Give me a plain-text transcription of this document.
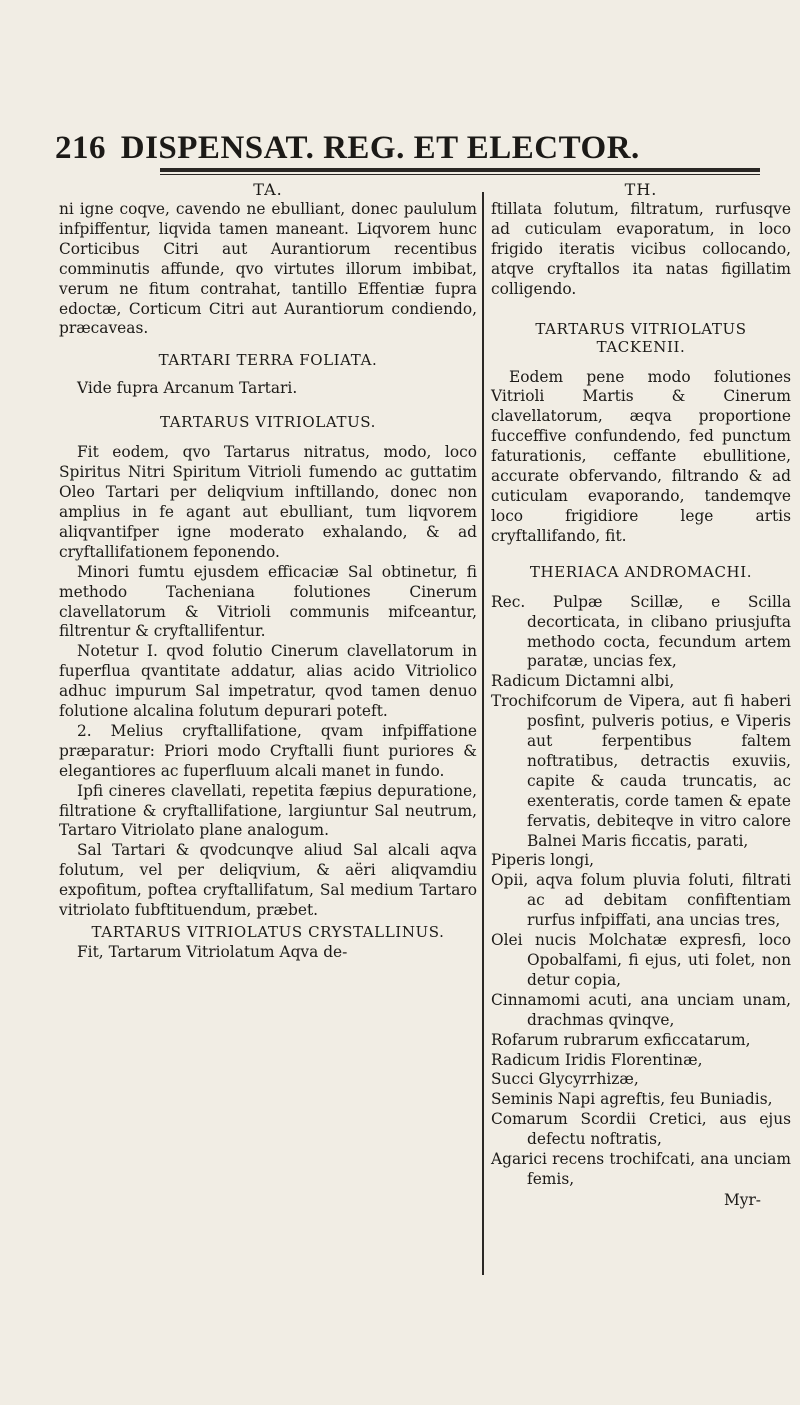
216 DISPENSAT. REG. ET ELECTOR.
TA.

ni igne coqve, cavendo ne ebulliant, donec paululum infpiffentur, liqvida tamen maneant. Liqvorem hunc Corticibus Citri aut Aurantiorum recentibus comminutis affunde, qvo virtutes illorum imbibat, verum ne fitum contrahat, tantillo Effentiæ fupra edoctæ, Corticum Citri aut Aurantiorum condiendo, præcaveas.

TARTARI TERRA FOLIATA.

Vide fupra Arcanum Tartari.

TARTARUS VITRIOLATUS.

Fit eodem, qvo Tartarus nitratus, modo, loco Spiritus Nitri Spiritum Vitrioli fumendo ac guttatim Oleo Tartari per deliqvium inftillando, donec non amplius in fe agant aut ebulliant, tum liqvorem aliqvantifper igne moderato exhalando, & ad cryftallifationem feponendo.

Minori fumtu ejusdem efficaciæ Sal obtinetur, fi methodo Tacheniana folutiones Cinerum clavellatorum & Vitrioli communis mifceantur, filtrentur & cryftallifentur.

Notetur I. qvod folutio Cinerum clavellatorum in fuperflua qvantitate addatur, alias acido Vitriolico adhuc impurum Sal impetratur, qvod tamen denuo folutione alcalina folutum depurari poteft.

2. Melius cryftallifatione, qvam infpiffatione præparatur: Priori modo Cryftalli fiunt puriores & elegantiores ac fuperfluum alcali manet in fundo.

Ipfi cineres clavellati, repetita fæpius depuratione, filtratione & cryftallifatione, largiuntur Sal neutrum, Tartaro Vitriolato plane analogum.

Sal Tartari & qvodcunqve aliud Sal alcali aqva folutum, vel per deliqvium, & aëri aliqvamdiu expofitum, poftea cryftallifatum, Sal medium Tartaro vitriolato fubftituendum, præbet.

TARTARUS VITRIOLATUS CRYSTALLINUS.

Fit, Tartarum Vitriolatum Aqva de-

TH.

ftillata folutum, filtratum, rurfusqve ad cuticulam evaporatum, in loco frigido iteratis vicibus collocando, atqve cryftallos ita natas figillatim colligendo.

TARTARUS VITRIOLATUS TACKENII.

Eodem pene modo folutiones Vitrioli Martis & Cinerum clavellatorum, æqva proportione fucceffive confundendo, fed punctum faturationis, ceffante ebullitione, accurate obfervando, filtrando & ad cuticulam evaporando, tandemqve loco frigidiore lege artis cryftallifando, fit.

THERIACA ANDROMACHI.

Rec. Pulpæ Scillæ, e Scilla decorticata, in clibano priusjufta methodo cocta, fecundum artem paratæ, uncias fex,

Radicum Dictamni albi,

Trochifcorum de Vipera, aut fi haberi posfint, pulveris potius, e Viperis aut ferpentibus faltem noftratibus, detractis exuviis, capite & cauda truncatis, ac exenteratis, corde tamen & epate fervatis, debiteqve in vitro calore Balnei Maris ficcatis, parati,

Piperis longi,

Opii, aqva folum pluvia foluti, filtrati ac ad debitam confiftentiam rurfus infpiffati, ana uncias tres,

Olei nucis Molchatæ expresfi, loco Opobalfami, fi ejus, uti folet, non detur copia,

Cinnamomi acuti, ana unciam unam, drachmas qvinqve,

Rofarum rubrarum exficcatarum,

Radicum Iridis Florentinæ,

Succi Glycyrrhizæ,

Seminis Napi agreftis, feu Buniadis,

Comarum Scordii Cretici, aus ejus defectu noftratis,

Agarici recens trochifcati, ana unciam femis,

Myr-
